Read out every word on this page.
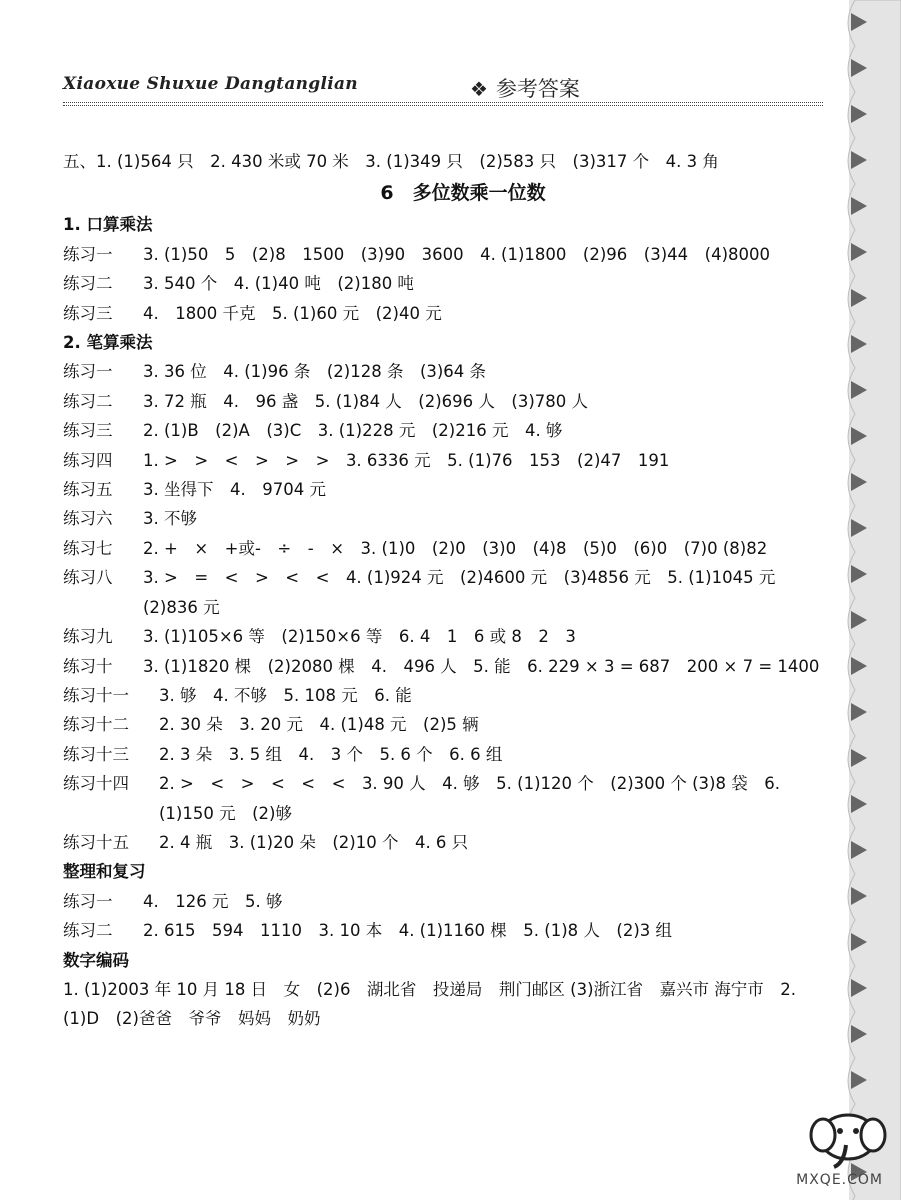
Xiaoxue Shuxue Dangtanglian	❖ 参考答案
五、1. (1)564 只　2. 430 米或 70 米　3. (1)349 只　(2)583 只　(3)317 个　4. 3 角
6　多位数乘一位数
1. 口算乘法
练习一	3. (1)50　5　(2)8　1500　(3)90　3600　4. (1)1800　(2)96　(3)44　(4)8000
练习二	3. 540 个　4. (1)40 吨　(2)180 吨
练习三	4.　1800 千克　5. (1)60 元　(2)40 元
2. 笔算乘法
练习一	3. 36 位　4. (1)96 条　(2)128 条　(3)64 条
练习二	3. 72 瓶　4.　96 盏　5. (1)84 人　(2)696 人　(3)780 人
练习三	2. (1)B　(2)A　(3)C　3. (1)228 元　(2)216 元　4. 够
练习四	1. >　>　<　>　>　>　3. 6336 元　5. (1)76　153　(2)47　191
练习五	3. 坐得下　4.　9704 元
练习六	3. 不够
练习七	2. +　×　+或-　÷　-　×　3. (1)0　(2)0　(3)0　(4)8　(5)0　(6)0　(7)0 (8)82
练习八	3. >　=　<　>　<　<　4. (1)924 元　(2)4600 元　(3)4856 元　5. (1)1045 元　(2)836 元
练习九	3. (1)105×6 等　(2)150×6 等　6. 4　1　6 或 8　2　3
练习十	3. (1)1820 棵　(2)2080 棵　4.　496 人　5. 能　6. 229 × 3 = 687　200 × 7 = 1400
练习十一	3. 够　4. 不够　5. 108 元　6. 能
练习十二	2. 30 朵　3. 20 元　4. (1)48 元　(2)5 辆
练习十三	2. 3 朵　3. 5 组　4.　3 个　5. 6 个　6. 6 组
练习十四	2. >　<　>　<　<　<　3. 90 人　4. 够　5. (1)120 个　(2)300 个 (3)8 袋　6. (1)150 元　(2)够
练习十五	2. 4 瓶　3. (1)20 朵　(2)10 个　4. 6 只
整理和复习
练习一	4.　126 元　5. 够
练习二	2. 615　594　1110　3. 10 本　4. (1)1160 棵　5. (1)8 人　(2)3 组
数字编码
1. (1)2003 年 10 月 18 日　女　(2)6　湖北省　投递局　荆门邮区 (3)浙江省　嘉兴市 海宁市　2. (1)D　(2)爸爸　爷爷　妈妈　奶奶
MXQE.COM
